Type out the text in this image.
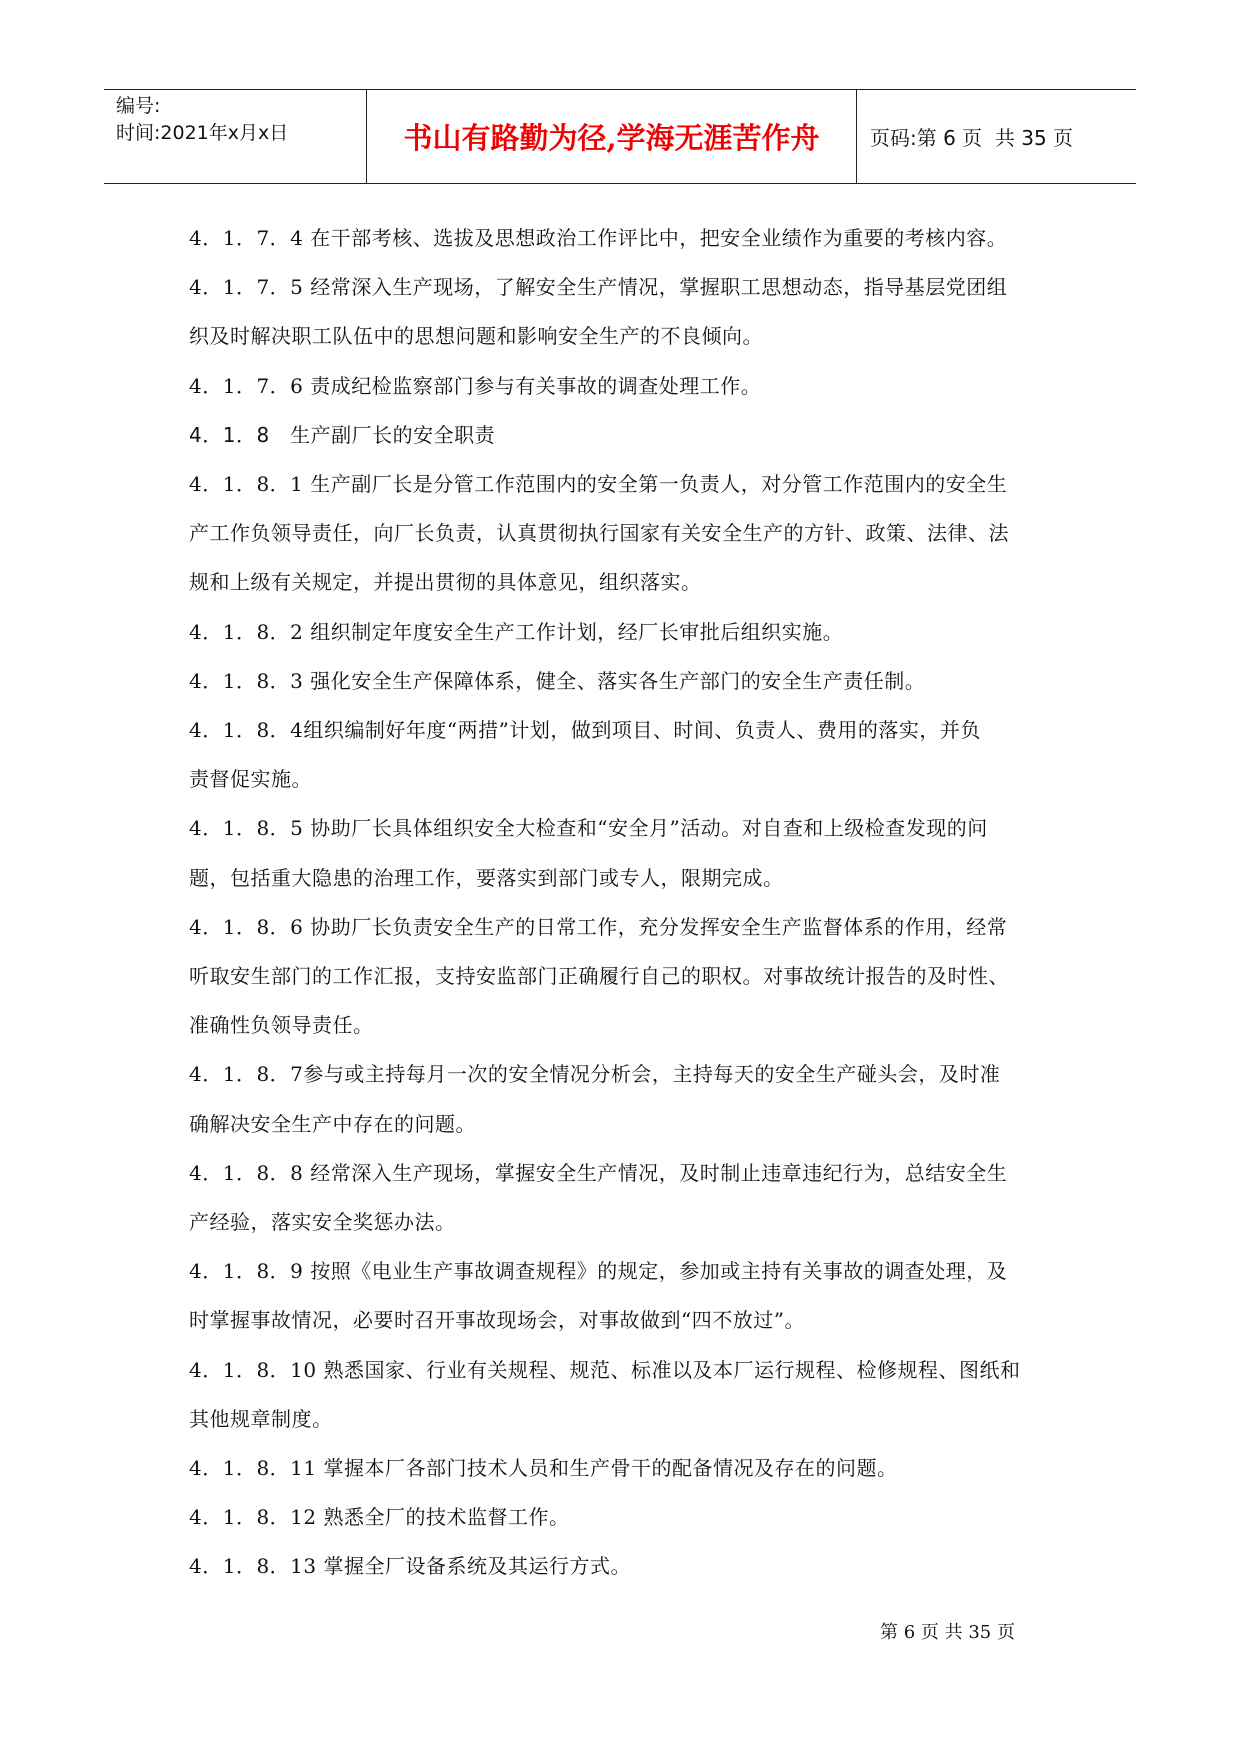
编号:
时间:2021年x月x日	书山有路勤为径,学海无涯苦作舟	页码:第 6 页  共 35 页

4．1．7．4 在干部考核、选拔及思想政治工作评比中，把安全业绩作为重要的考核内容。

4．1．7．5 经常深入生产现场，了解安全生产情况，掌握职工思想动态，指导基层党团组
织及时解决职工队伍中的思想问题和影响安全生产的不良倾向。

4．1．7．6 责成纪检监察部门参与有关事故的调查处理工作。

4．1．8　生产副厂长的安全职责

4．1．8．1 生产副厂长是分管工作范围内的安全第一负责人，对分管工作范围内的安全生
产工作负领导责任，向厂长负责，认真贯彻执行国家有关安全生产的方针、政策、法律、法
规和上级有关规定，并提出贯彻的具体意见，组织落实。

4．1．8．2 组织制定年度安全生产工作计划，经厂长审批后组织实施。

4．1．8．3 强化安全生产保障体系，健全、落实各生产部门的安全生产责任制。

4．1．8．4组织编制好年度“两措”计划，做到项目、时间、负责人、费用的落实，并负
责督促实施。

4．1．8．5 协助厂长具体组织安全大检查和“安全月”活动。对自查和上级检查发现的问
题，包括重大隐患的治理工作，要落实到部门或专人，限期完成。

4．1．8．6 协助厂长负责安全生产的日常工作，充分发挥安全生产监督体系的作用，经常
听取安生部门的工作汇报，支持安监部门正确履行自己的职权。对事故统计报告的及时性、
准确性负领导责任。

4．1．8．7参与或主持每月一次的安全情况分析会，主持每天的安全生产碰头会，及时准
确解决安全生产中存在的问题。

4．1．8．8 经常深入生产现场，掌握安全生产情况，及时制止违章违纪行为，总结安全生
产经验，落实安全奖惩办法。

4．1．8．9 按照《电业生产事故调查规程》的规定，参加或主持有关事故的调查处理，及
时掌握事故情况，必要时召开事故现场会，对事故做到“四不放过”。

4．1．8．10 熟悉国家、行业有关规程、规范、标准以及本厂运行规程、检修规程、图纸和
其他规章制度。

4．1．8．11 掌握本厂各部门技术人员和生产骨干的配备情况及存在的问题。

4．1．8．12 熟悉全厂的技术监督工作。

4．1．8．13 掌握全厂设备系统及其运行方式。

第 6 页 共 35 页
